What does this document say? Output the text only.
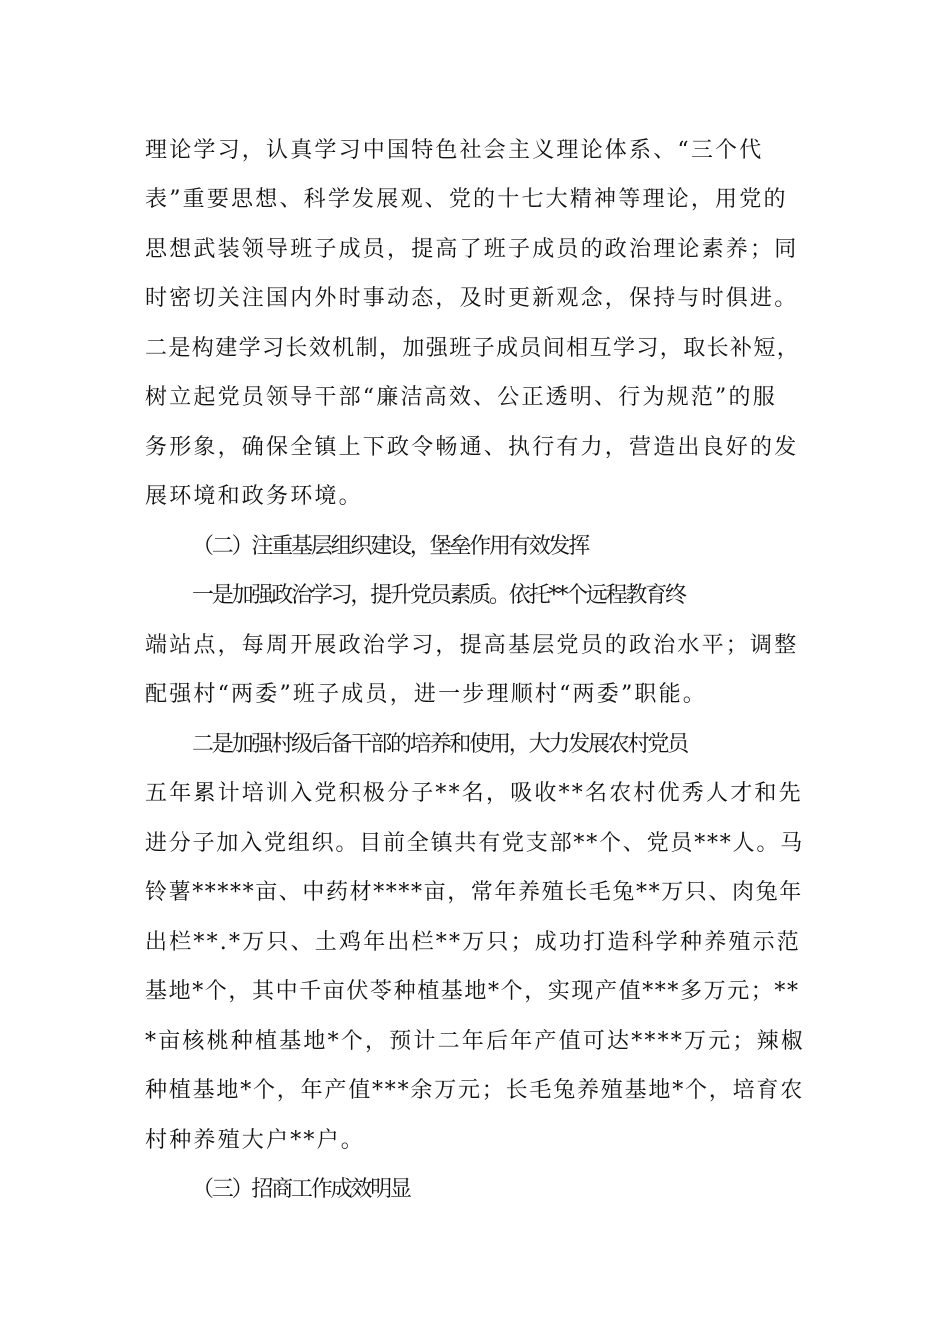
理论学习，认真学习中国特色社会主义理论体系、“三个代
表”重要思想、科学发展观、党的十七大精神等理论，用党的
思想武装领导班子成员，提高了班子成员的政治理论素养；同
时密切关注国内外时事动态，及时更新观念，保持与时俱进。
二是构建学习长效机制，加强班子成员间相互学习，取长补短，
树立起党员领导干部“廉洁高效、公正透明、行为规范”的服
务形象，确保全镇上下政令畅通、执行有力，营造出良好的发
展环境和政务环境。
（二）注重基层组织建设，堡垒作用有效发挥
一是加强政治学习，提升党员素质。依托**个远程教育终
端站点，每周开展政治学习，提高基层党员的政治水平；调整
配强村“两委”班子成员，进一步理顺村“两委”职能。
二是加强村级后备干部的培养和使用，大力发展农村党员
五年累计培训入党积极分子**名，吸收**名农村优秀人才和先
进分子加入党组织。目前全镇共有党支部**个、党员***人。马
铃薯*****亩、中药材****亩，常年养殖长毛兔**万只、肉兔年
出栏**.*万只、土鸡年出栏**万只；成功打造科学种养殖示范
基地*个，其中千亩伏苓种植基地*个，实现产值***多万元；**
*亩核桃种植基地*个，预计二年后年产值可达****万元；辣椒
种植基地*个，年产值***余万元；长毛兔养殖基地*个，培育农
村种养殖大户**户。
（三）招商工作成效明显
